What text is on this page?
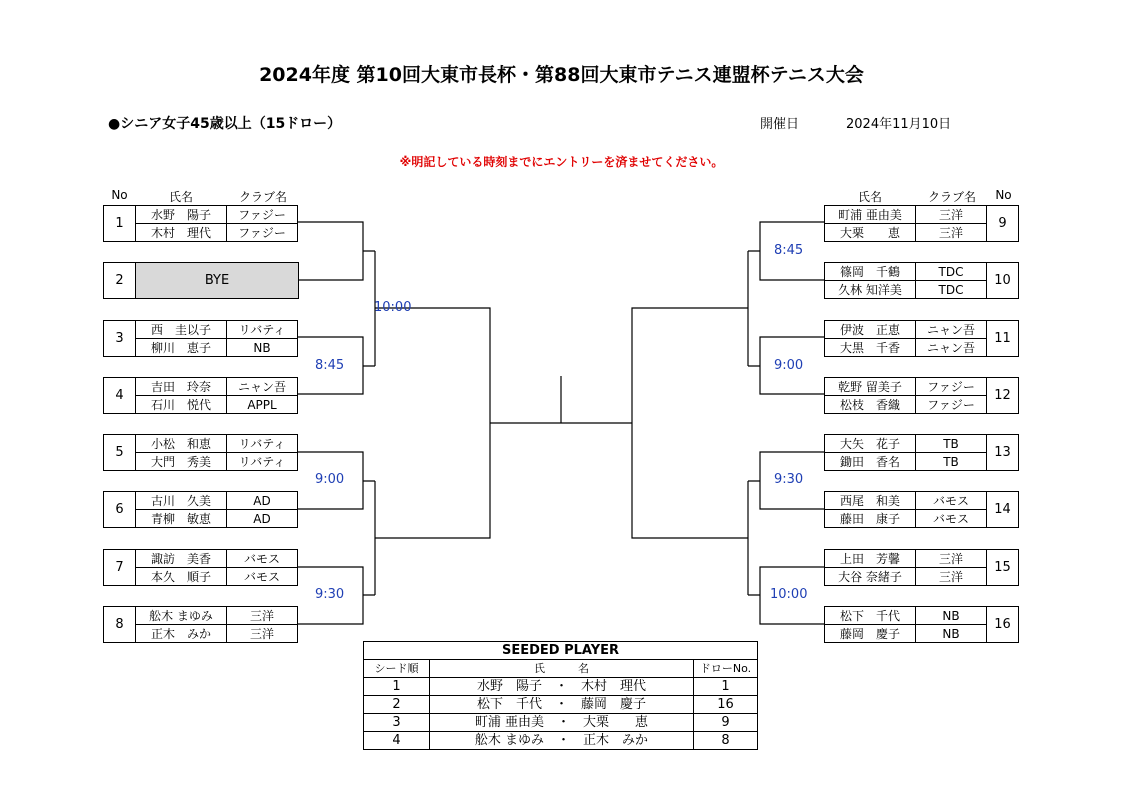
2024年度 第10回大東市長杯・第88回大東市テニス連盟杯テニス大会
●シニア女子45歳以上（15ドロー）	開催日	2024年11月10日
※明記している時刻までにエントリーを済ませてください。
No	氏名	クラブ名	氏名	クラブ名	No
1	水野　陽子	ファジー
	木村　理代	ファジー
2	BYE
3	西　圭以子	リバティ
	柳川　恵子	NB
4	吉田　玲奈	ニャン吾
	石川　悦代	APPL
5	小松　和恵	リバティ
	大門　秀美	リバティ
6	古川　久美	AD
	青柳　敏恵	AD
7	諏訪　美香	バモス
	本久　順子	バモス
8	舩木 まゆみ	三洋
	正木　みか	三洋
町浦 亜由美	三洋	9
大栗　　恵	三洋	
篠岡　千鶴	TDC	10
久林 知洋美	TDC	
伊波　正恵	ニャン吾	11
大黒　千香	ニャン吾	
乾野 留美子	ファジー	12
松枝　香織	ファジー	
大矢　花子	TB	13
鋤田　香名	TB	
西尾　和美	バモス	14
藤田　康子	バモス	
上田　芳馨	三洋	15
大谷 奈緒子	三洋	
松下　千代	NB	16
藤岡　慶子	NB	
10:00
8:45
9:00
9:30
8:45
9:00
9:30
10:00
SEEDED PLAYER		
シード順	氏　　　名	ドローNo.
1	水野　陽子　・　木村　理代	1
2	松下　千代　・　藤岡　慶子	16
3	町浦 亜由美　・　大栗　　恵	9
4	舩木 まゆみ　・　正木　みか	8
